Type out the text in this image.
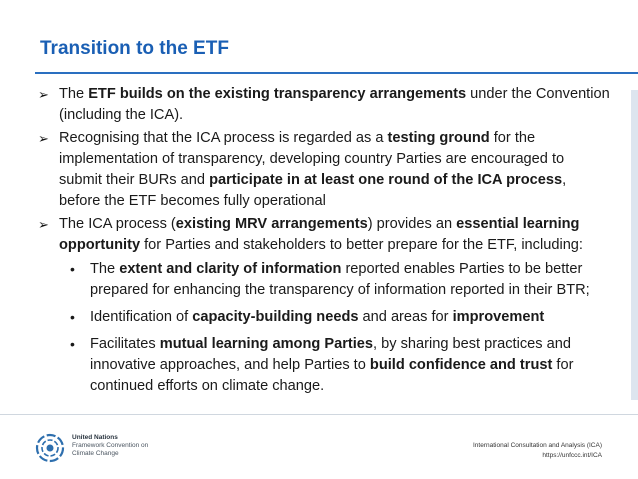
Transition to the ETF
➢ The ETF builds on the existing transparency arrangements under the Convention (including the ICA).
➢ Recognising that the ICA process is regarded as a testing ground for the implementation of transparency, developing country Parties are encouraged to submit their BURs and participate in at least one round of the ICA process, before the ETF becomes fully operational
➢ The ICA process (existing MRV arrangements) provides an essential learning opportunity for Parties and stakeholders to better prepare for the ETF, including:
• The extent and clarity of information reported enables Parties to be better prepared for enhancing the transparency of information reported in their BTR;
• Identification of capacity-building needs and areas for improvement
• Facilitates mutual learning among Parties, by sharing best practices and innovative approaches, and help Parties to build confidence and trust for continued efforts on climate change.
United Nations
Framework Convention on
Climate Change
International Consultation and Analysis (ICA)
https://unfccc.int/ICA
